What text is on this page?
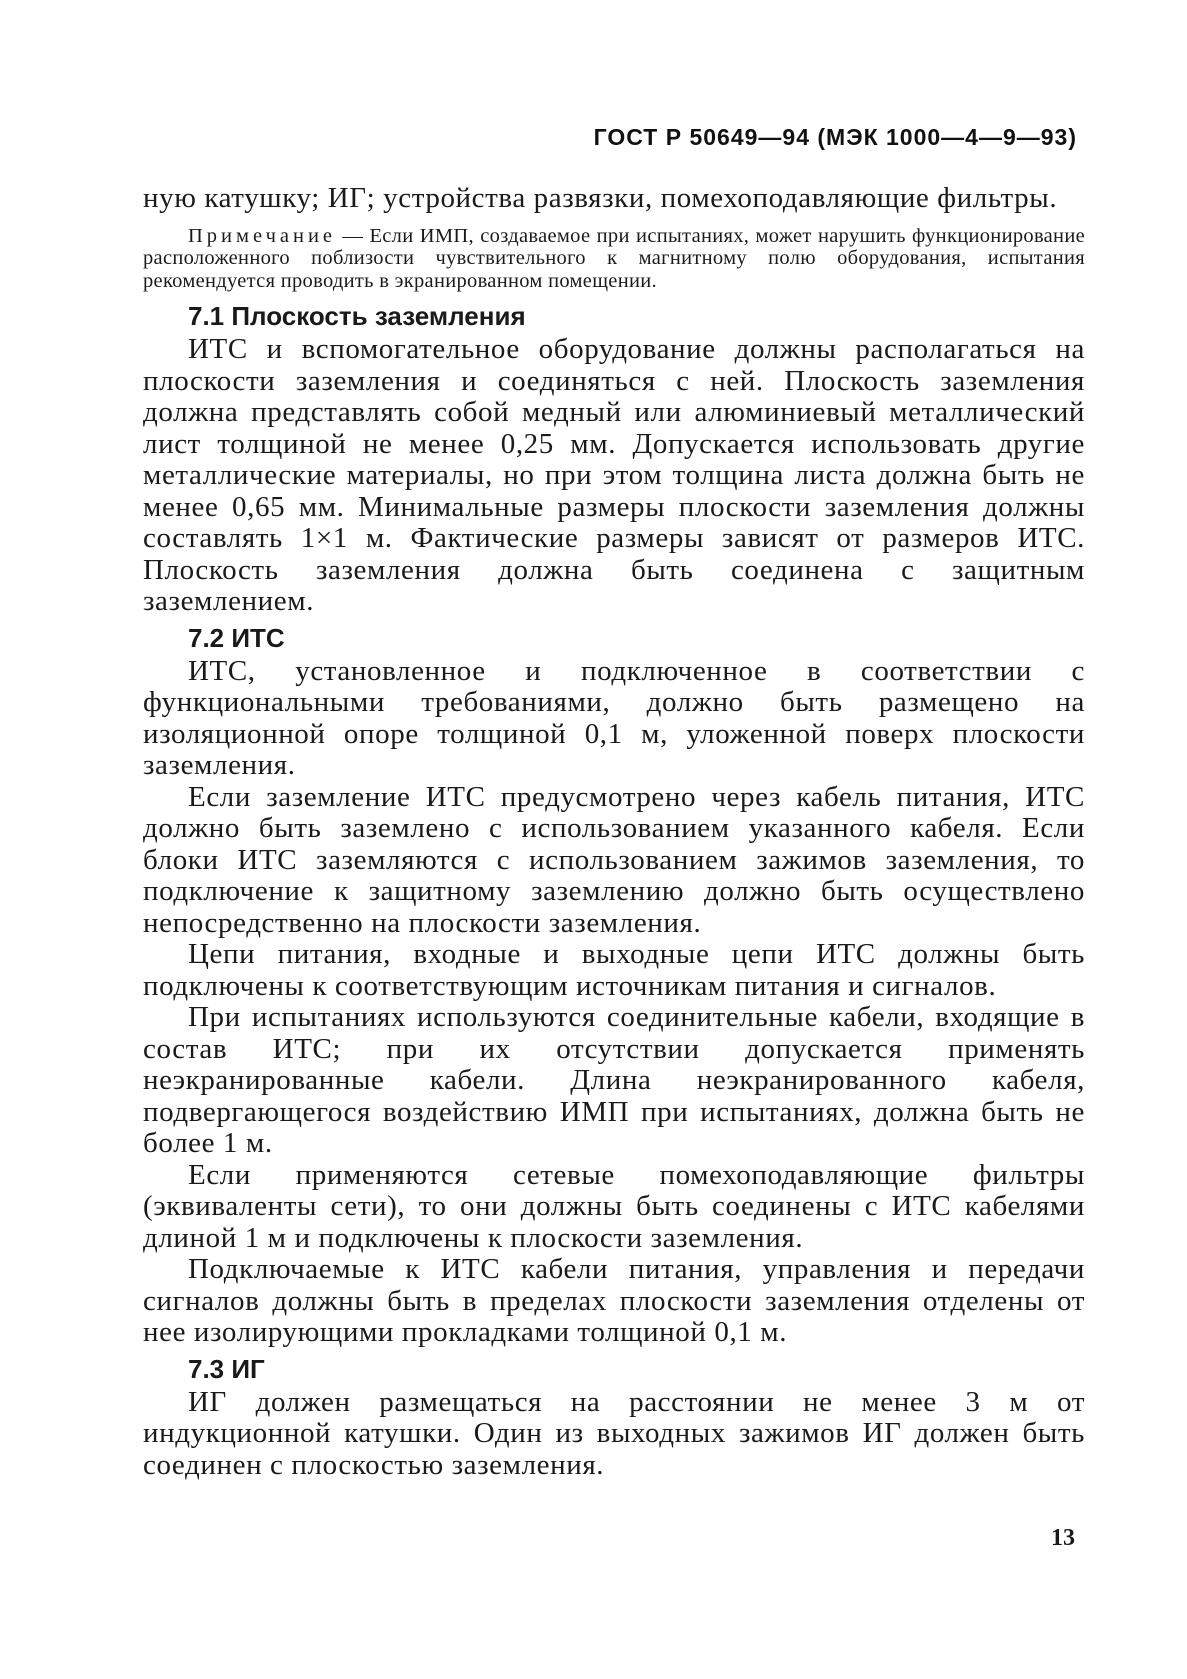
ГОСТ Р 50649—94 (МЭК 1000—4—9—93)

ную катушку; ИГ; устройства развязки, помехоподавляющие фильтры.

Примечание — Если ИМП, создаваемое при испытаниях, может нарушить функционирование расположенного поблизости чувствительного к магнитному полю оборудования, испытания рекомендуется проводить в экранированном помещении.

7.1 Плоскость заземления

ИТС и вспомогательное оборудование должны располагаться на плоскости заземления и соединяться с ней. Плоскость заземления должна представлять собой медный или алюминиевый металлический лист толщиной не менее 0,25 мм. Допускается использовать другие металлические материалы, но при этом толщина листа должна быть не менее 0,65 мм. Минимальные размеры плоскости заземления должны составлять 1×1 м. Фактические размеры зависят от размеров ИТС. Плоскость заземления должна быть соединена с защитным заземлением.

7.2 ИТС

ИТС, установленное и подключенное в соответствии с функциональными требованиями, должно быть размещено на изоляционной опоре толщиной 0,1 м, уложенной поверх плоскости заземления.

Если заземление ИТС предусмотрено через кабель питания, ИТС должно быть заземлено с использованием указанного кабеля. Если блоки ИТС заземляются с использованием зажимов заземления, то подключение к защитному заземлению должно быть осуществлено непосредственно на плоскости заземления.

Цепи питания, входные и выходные цепи ИТС должны быть подключены к соответствующим источникам питания и сигналов.

При испытаниях используются соединительные кабели, входящие в состав ИТС; при их отсутствии допускается применять неэкранированные кабели. Длина неэкранированного кабеля, подвергающегося воздействию ИМП при испытаниях, должна быть не более 1 м.

Если применяются сетевые помехоподавляющие фильтры (эквиваленты сети), то они должны быть соединены с ИТС кабелями длиной 1 м и подключены к плоскости заземления.

Подключаемые к ИТС кабели питания, управления и передачи сигналов должны быть в пределах плоскости заземления отделены от нее изолирующими прокладками толщиной 0,1 м.

7.3 ИГ

ИГ должен размещаться на расстоянии не менее 3 м от индукционной катушки. Один из выходных зажимов ИГ должен быть соединен с плоскостью заземления.

13
